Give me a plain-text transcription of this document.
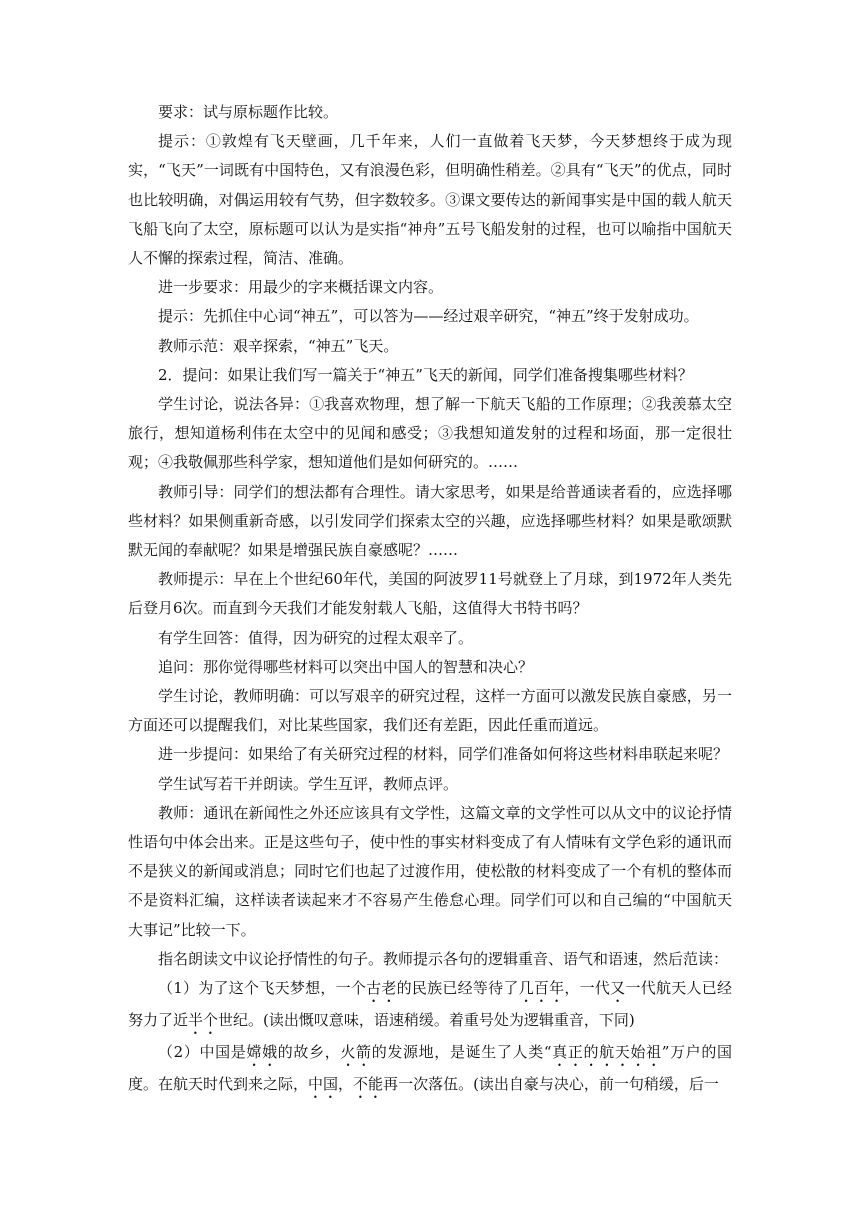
要求：试与原标题作比较。

提示：①敦煌有飞天壁画，几千年来，人们一直做着飞天梦，今天梦想终于成为现实，“飞天”一词既有中国特色，又有浪漫色彩，但明确性稍差。②具有“飞天”的优点，同时也比较明确，对偶运用较有气势，但字数较多。③课文要传达的新闻事实是中国的载人航天飞船飞向了太空，原标题可以认为是实指“神舟”五号飞船发射的过程，也可以喻指中国航天人不懈的探索过程，简洁、准确。

进一步要求：用最少的字来概括课文内容。

提示：先抓住中心词“神五”，可以答为——经过艰辛研究，“神五”终于发射成功。

教师示范：艰辛探索，“神五”飞天。

2．提问：如果让我们写一篇关于“神五”飞天的新闻，同学们准备搜集哪些材料？

学生讨论，说法各异：①我喜欢物理，想了解一下航天飞船的工作原理；②我羡慕太空旅行，想知道杨利伟在太空中的见闻和感受；③我想知道发射的过程和场面，那一定很壮观；④我敬佩那些科学家，想知道他们是如何研究的。……

教师引导：同学们的想法都有合理性。请大家思考，如果是给普通读者看的，应选择哪些材料？如果侧重新奇感，以引发同学们探索太空的兴趣，应选择哪些材料？如果是歌颂默默无闻的奉献呢？如果是增强民族自豪感呢？……

教师提示：早在上个世纪60年代，美国的阿波罗11号就登上了月球，到1972年人类先后登月6次。而直到今天我们才能发射载人飞船，这值得大书特书吗？

有学生回答：值得，因为研究的过程太艰辛了。

追问：那你觉得哪些材料可以突出中国人的智慧和决心？

学生讨论，教师明确：可以写艰辛的研究过程，这样一方面可以激发民族自豪感，另一方面还可以提醒我们，对比某些国家，我们还有差距，因此任重而道远。

进一步提问：如果给了有关研究过程的材料，同学们准备如何将这些材料串联起来呢？

学生试写若干并朗读。学生互评，教师点评。

教师：通讯在新闻性之外还应该具有文学性，这篇文章的文学性可以从文中的议论抒情性语句中体会出来。正是这些句子，使中性的事实材料变成了有人情味有文学色彩的通讯而不是狭义的新闻或消息；同时它们也起了过渡作用，使松散的材料变成了一个有机的整体而不是资料汇编，这样读者读起来才不容易产生倦怠心理。同学们可以和自己编的“中国航天大事记”比较一下。

指名朗读文中议论抒情性的句子。教师提示各句的逻辑重音、语气和语速，然后范读：

（1）为了这个飞天梦想，一个古老的民族已经等待了几百年，一代又一代航天人已经努力了近半个世纪。(读出慨叹意味，语速稍缓。着重号处为逻辑重音，下同)

（2）中国是嫦娥的故乡，火箭的发源地，是诞生了人类“真正的航天始祖”万户的国度。在航天时代到来之际，中国，不能再一次落伍。(读出自豪与决心，前一句稍缓，后一
